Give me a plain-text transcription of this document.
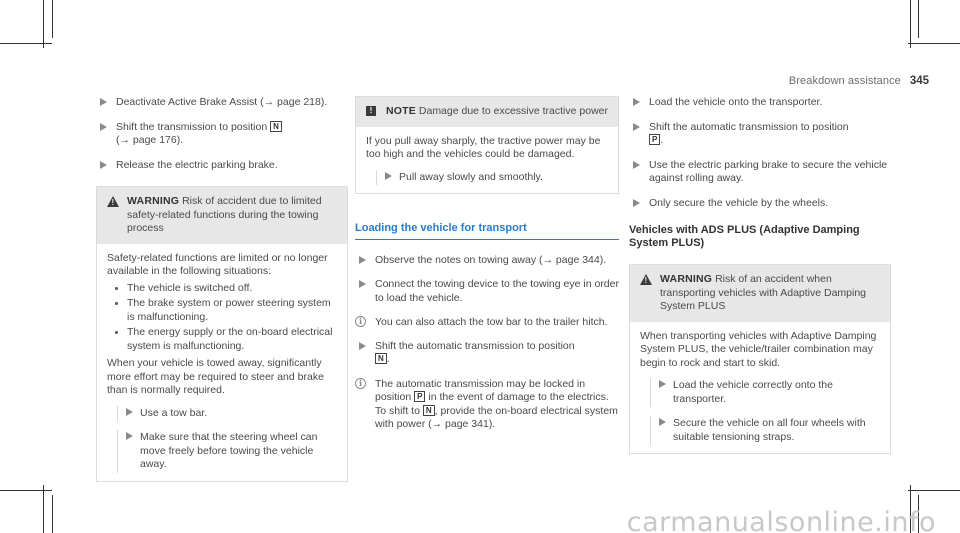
Breakdown assistance 345
Deactivate Active Brake Assist (→ page 218).
Shift the transmission to position N
(→ page 176).
Release the electric parking brake.
!
WARNING Risk of accident due to limited safety-related functions during the towing process
Safety-related functions are limited or no longer available in the following situations:
The vehicle is switched off.
The brake system or power steering system is malfunctioning.
The energy supply or the on-board electrical system is malfunctioning.
When your vehicle is towed away, significantly more effort may be required to steer and brake than is normally required.
Use a tow bar.
Make sure that the steering wheel can move freely before towing the vehicle away.
!	NOTE Damage due to excessive tractive power
If you pull away sharply, the tractive power may be too high and the vehicles could be damaged.
Pull away slowly and smoothly.
Loading the vehicle for transport
Observe the notes on towing away (→ page 344).
Connect the towing device to the towing eye in order to load the vehicle.
i	You can also attach the tow bar to the trailer hitch.
Shift the automatic transmission to position
N .
i	The automatic transmission may be locked in position P in the event of damage to the electrics. To shift to N , provide the on-board electrical system with power (→ page 341).
Load the vehicle onto the transporter.
Shift the automatic transmission to position
P .
Use the electric parking brake to secure the vehicle against rolling away.
Only secure the vehicle by the wheels.
Vehicles with ADS PLUS (Adaptive Damping System PLUS)
!
WARNING Risk of an accident when transporting vehicles with Adaptive Damping System PLUS
When transporting vehicles with Adaptive Damping System PLUS, the vehicle/trailer combination may begin to rock and start to skid.
Load the vehicle correctly onto the transporter.
Secure the vehicle on all four wheels with suitable tensioning straps.
carmanualsonline.info
